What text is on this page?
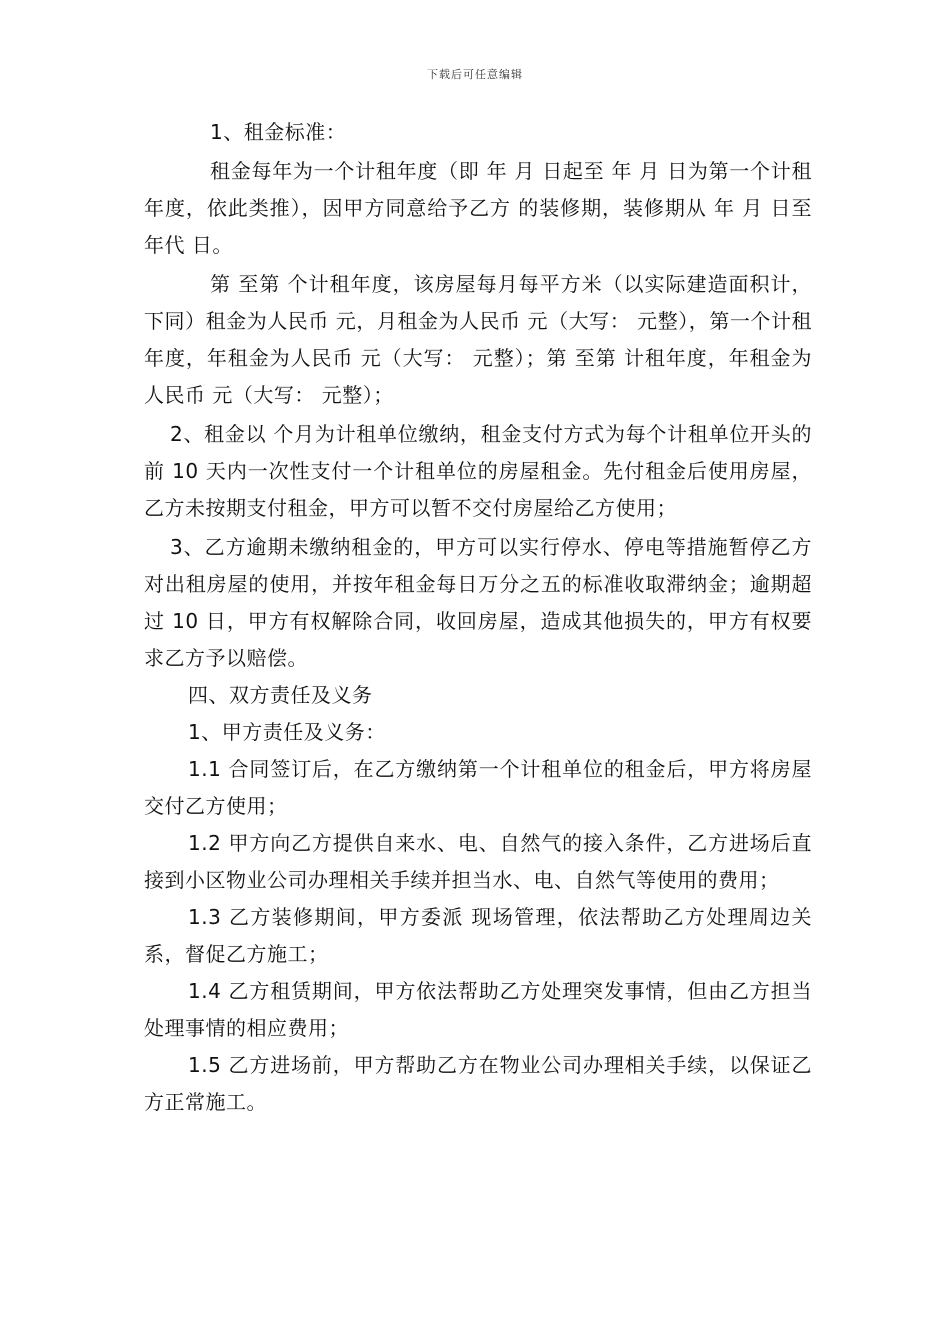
下载后可任意编辑

1、租金标准：

租金每年为一个计租年度（即 年 月 日起至 年 月 日为第一个计租年度，依此类推），因甲方同意给予乙方 的装修期，装修期从 年 月 日至 年代 日。

第 至第 个计租年度，该房屋每月每平方米（以实际建造面积计，下同）租金为人民币 元，月租金为人民币 元（大写： 元整），第一个计租年度，年租金为人民币 元（大写： 元整）；第 至第 计租年度，年租金为人民币 元（大写： 元整）；

2、租金以 个月为计租单位缴纳，租金支付方式为每个计租单位开头的前 10 天内一次性支付一个计租单位的房屋租金。先付租金后使用房屋，乙方未按期支付租金，甲方可以暂不交付房屋给乙方使用；

3、乙方逾期未缴纳租金的，甲方可以实行停水、停电等措施暂停乙方对出租房屋的使用，并按年租金每日万分之五的标准收取滞纳金；逾期超过 10 日，甲方有权解除合同，收回房屋，造成其他损失的，甲方有权要求乙方予以赔偿。

四、双方责任及义务

1、甲方责任及义务：

1.1 合同签订后，在乙方缴纳第一个计租单位的租金后，甲方将房屋交付乙方使用；

1.2 甲方向乙方提供自来水、电、自然气的接入条件，乙方进场后直接到小区物业公司办理相关手续并担当水、电、自然气等使用的费用；

1.3 乙方装修期间，甲方委派 现场管理，依法帮助乙方处理周边关系，督促乙方施工；

1.4 乙方租赁期间，甲方依法帮助乙方处理突发事情，但由乙方担当处理事情的相应费用；

1.5 乙方进场前，甲方帮助乙方在物业公司办理相关手续，以保证乙方正常施工。
